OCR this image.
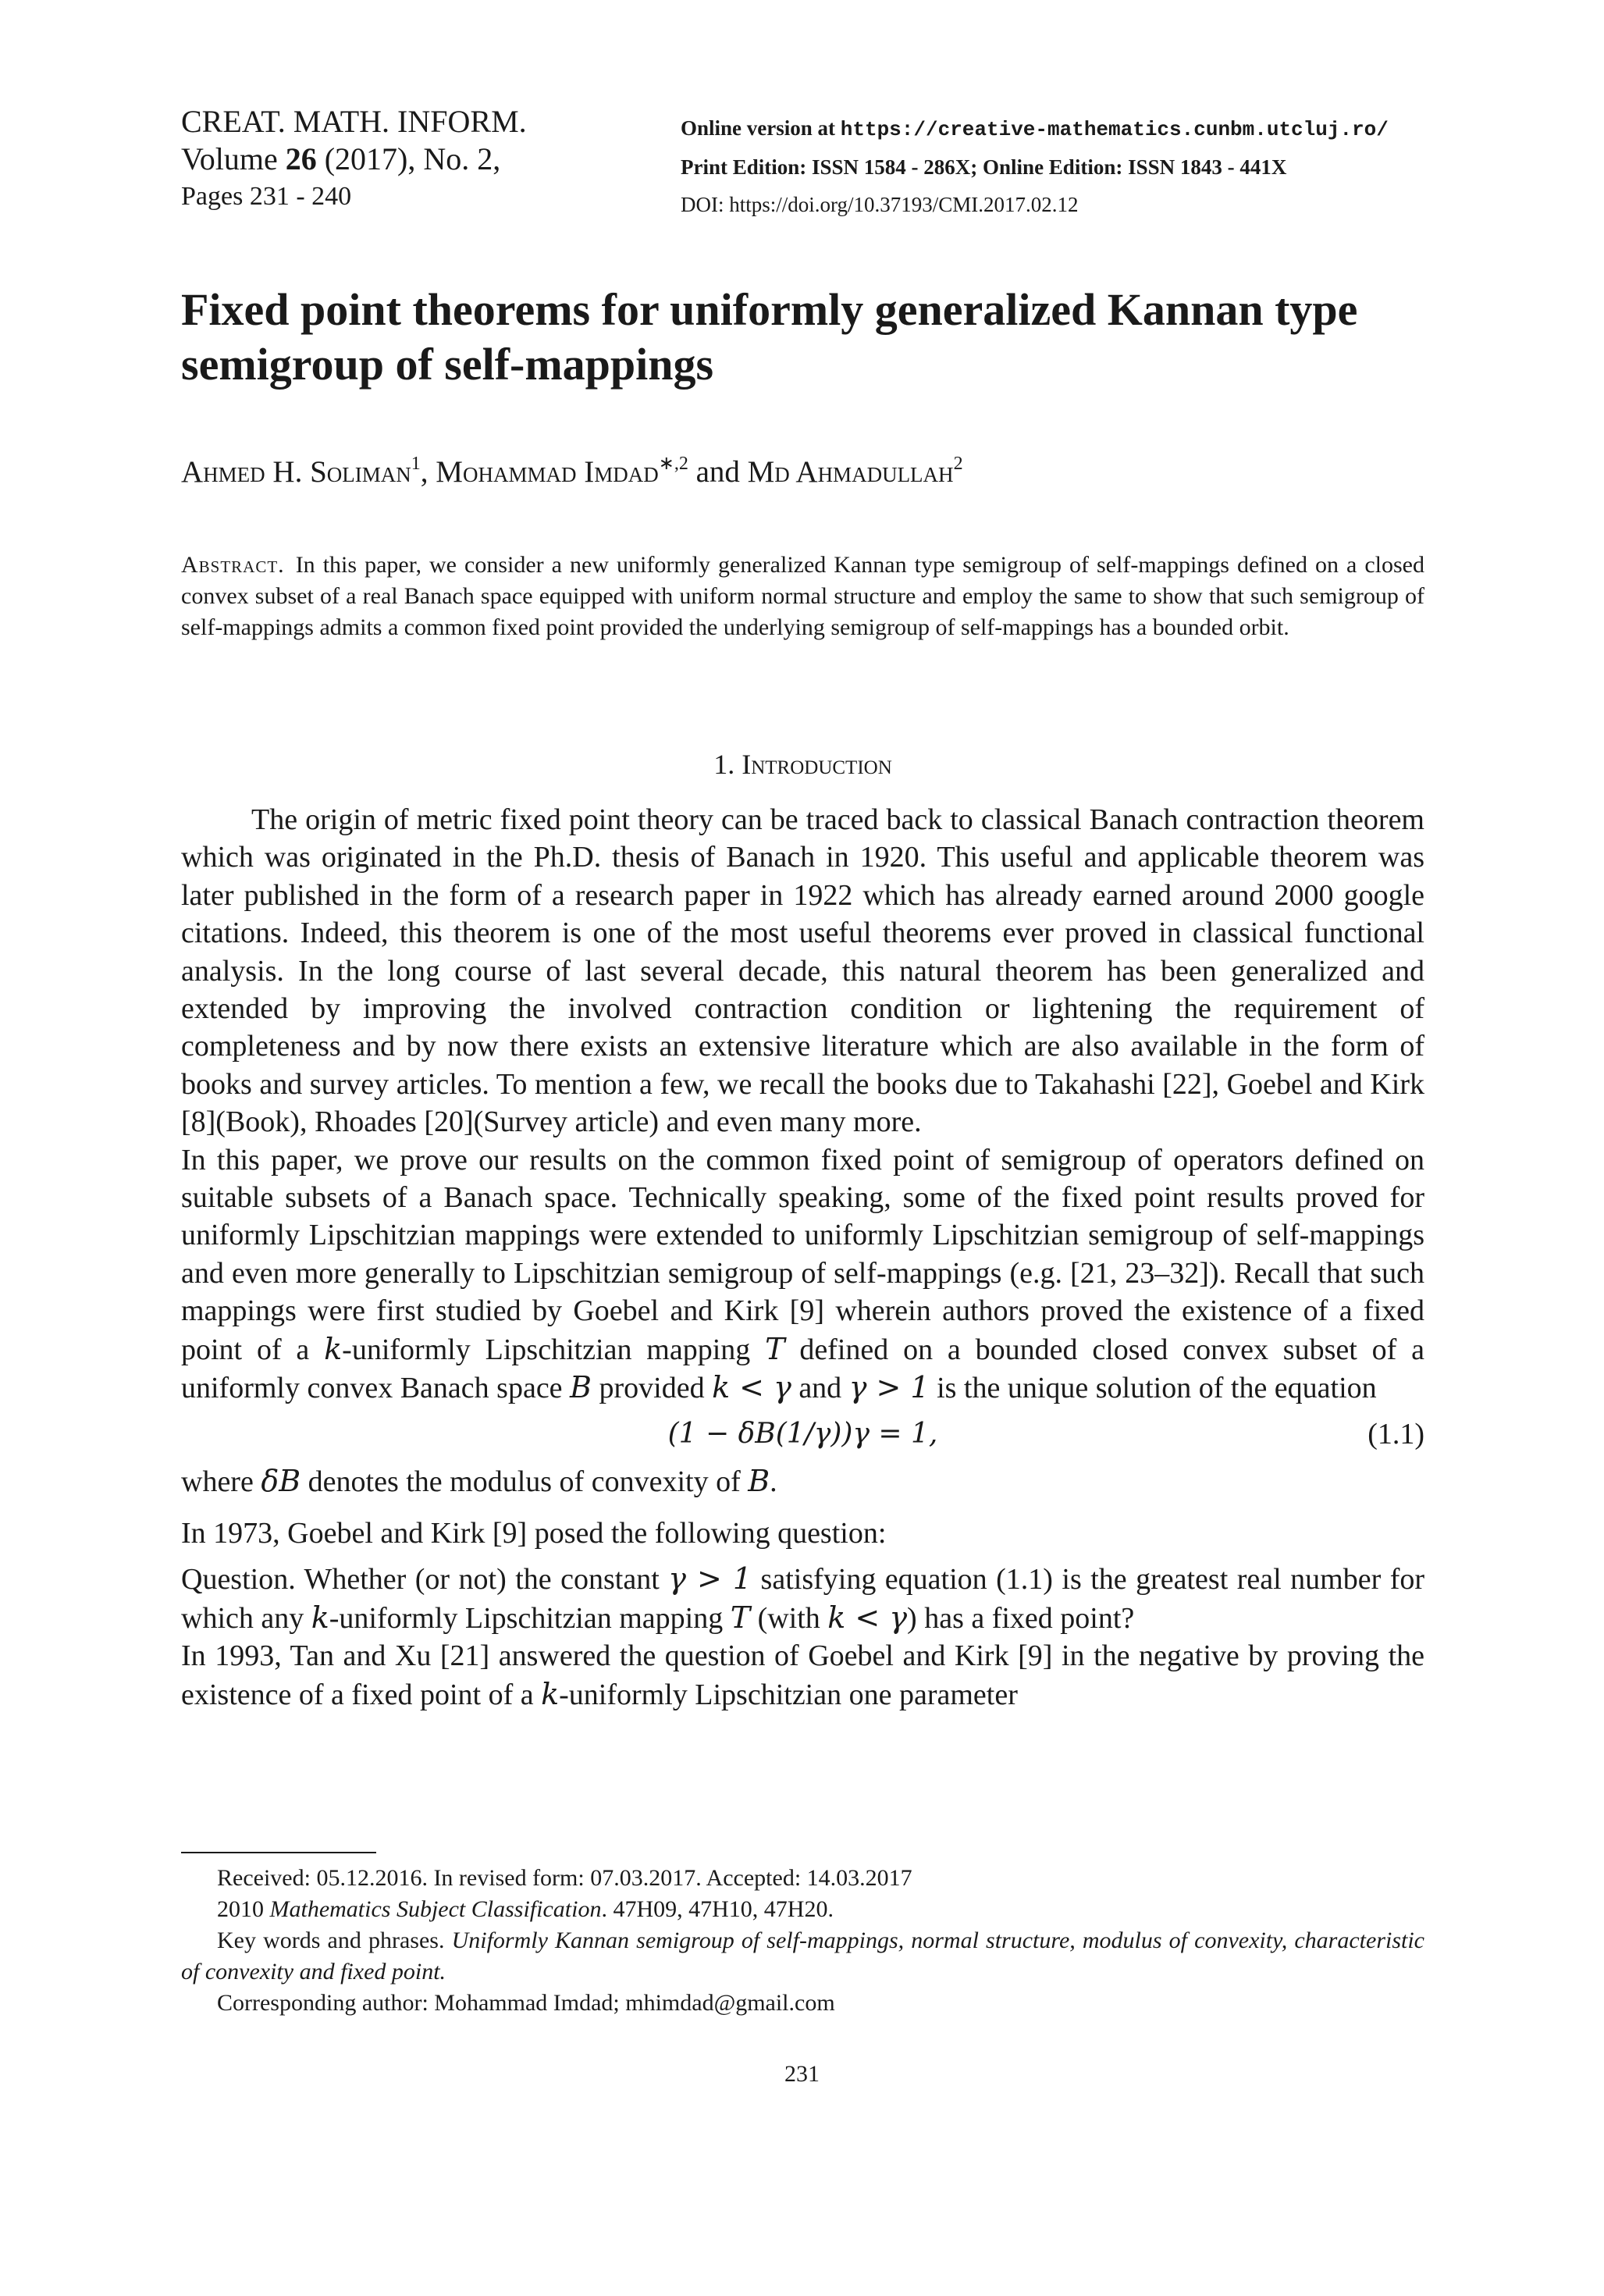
CREAT. MATH. INFORM.
Volume 26 (2017), No. 2,
Pages 231 - 240
Online version at https://creative-mathematics.cunbm.utcluj.ro/
Print Edition: ISSN 1584 - 286X; Online Edition: ISSN 1843 - 441X
DOI: https://doi.org/10.37193/CMI.2017.02.12
Fixed point theorems for uniformly generalized Kannan type semigroup of self-mappings
Ahmed H. Soliman$^1$, Mohammad Imdad$^{∗,2}$ and Md Ahmadullah$^2$

Abstract. In this paper, we consider a new uniformly generalized Kannan type semigroup of self-mappings defined on a closed convex subset of a real Banach space equipped with uniform normal structure and employ the same to show that such semigroup of self-mappings admits a common fixed point provided the underlying semigroup of self-mappings has a bounded orbit.

1. Introduction

The origin of metric fixed point theory can be traced back to classical Banach contraction theorem which was originated in the Ph.D. thesis of Banach in 1920. This useful and applicable theorem was later published in the form of a research paper in 1922 which has already earned around 2000 google citations. Indeed, this theorem is one of the most useful theorems ever proved in classical functional analysis. In the long course of last several decade, this natural theorem has been generalized and extended by improving the involved contraction condition or lightening the requirement of completeness and by now there exists an extensive literature which are also available in the form of books and survey articles. To mention a few, we recall the books due to Takahashi [22], Goebel and Kirk [8](Book), Rhoades [20](Survey article) and even many more.

In this paper, we prove our results on the common fixed point of semigroup of operators defined on suitable subsets of a Banach space. Technically speaking, some of the fixed point results proved for uniformly Lipschitzian mappings were extended to uniformly Lipschitzian semigroup of self-mappings and even more generally to Lipschitzian semigroup of self-mappings (e.g. [21, 23–32]). Recall that such mappings were first studied by Goebel and Kirk [9] wherein authors proved the existence of a fixed point of a k-uniformly Lipschitzian mapping T defined on a bounded closed convex subset of a uniformly convex Banach space B provided k < γ and γ > 1 is the unique solution of the equation

(1 − δB(1/γ))γ = 1,	(1.1)

where δB denotes the modulus of convexity of B.

In 1973, Goebel and Kirk [9] posed the following question:

Question. Whether (or not) the constant γ > 1 satisfying equation (1.1) is the greatest real number for which any k-uniformly Lipschitzian mapping T (with k < γ) has a fixed point?

In 1993, Tan and Xu [21] answered the question of Goebel and Kirk [9] in the negative by proving the existence of a fixed point of a k-uniformly Lipschitzian one parameter

Received: 05.12.2016. In revised form: 07.03.2017. Accepted: 14.03.2017

2010 Mathematics Subject Classification. 47H09, 47H10, 47H20.

Key words and phrases. Uniformly Kannan semigroup of self-mappings, normal structure, modulus of convexity, characteristic of convexity and fixed point.

Corresponding author: Mohammad Imdad; mhimdad@gmail.com

231
